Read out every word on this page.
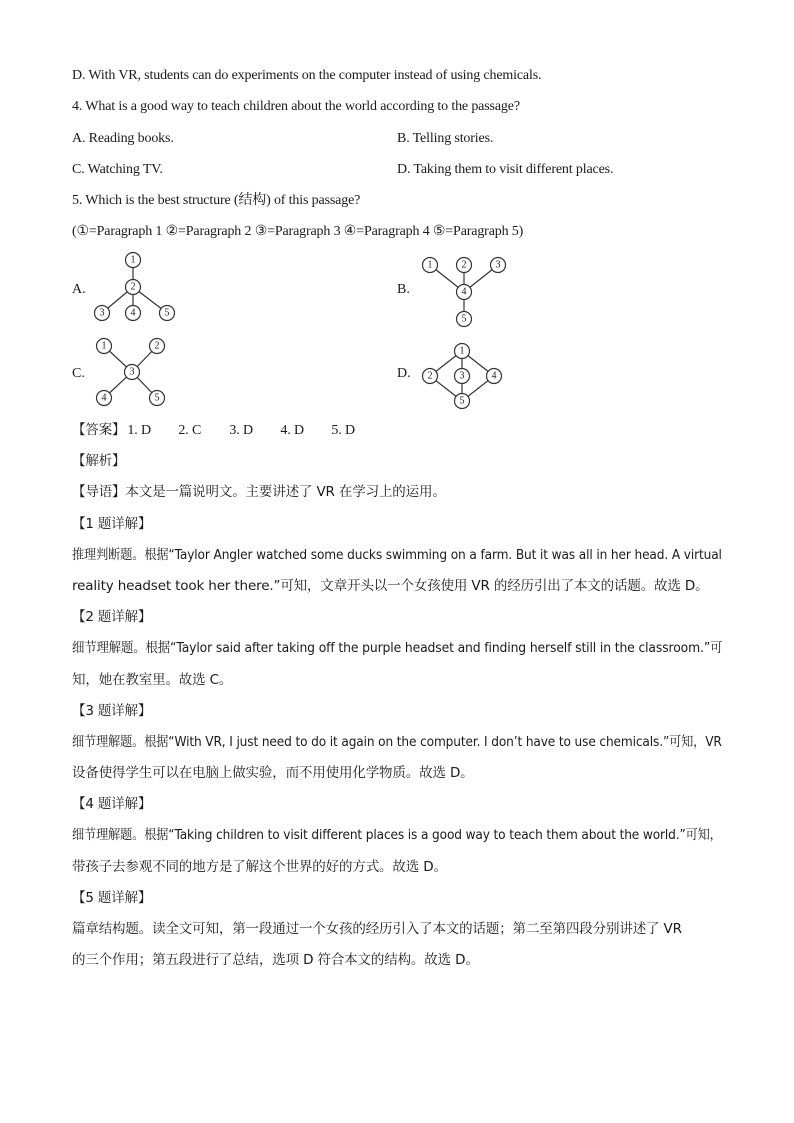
D. With VR, students can do experiments on the computer instead of using chemicals.
4. What is a good way to teach children about the world according to the passage?
A. Reading books.	B. Telling stories.
C. Watching TV.	D. Taking them to visit different places.
5. Which is the best structure (结构) of this passage?
(①=Paragraph 1 ②=Paragraph 2 ③=Paragraph 3 ④=Paragraph 4 ⑤=Paragraph 5)
A.
1
2
3	4	5
B.
1	2	3
4
5
C.
1	2
3
4	5
D.
1
2	3	4
5
【答案】 1. D 2. C 3. D 4. D 5. D
【解析】
【导语】本文是一篇说明文。主要讲述了 VR 在学习上的运用。
【1 题详解】
推理判断题。根据“Taylor Angler watched some ducks swimming on a farm. But it was all in her head. A virtual
reality headset took her there.”可知，文章开头以一个女孩使用 VR 的经历引出了本文的话题。故选 D。
【2 题详解】
细节理解题。根据“Taylor said after taking off the purple headset and finding herself still in the classroom.”可
知，她在教室里。故选 C。
【3 题详解】
细节理解题。根据“With VR, I just need to do it again on the computer. I don’t have to use chemicals.”可知，VR
设备使得学生可以在电脑上做实验，而不用使用化学物质。故选 D。
【4 题详解】
细节理解题。根据“Taking children to visit different places is a good way to teach them about the world.”可知，
带孩子去参观不同的地方是了解这个世界的好的方式。故选 D。
【5 题详解】
篇章结构题。读全文可知，第一段通过一个女孩的经历引入了本文的话题；第二至第四段分别讲述了 VR
的三个作用；第五段进行了总结，选项 D 符合本文的结构。故选 D。
